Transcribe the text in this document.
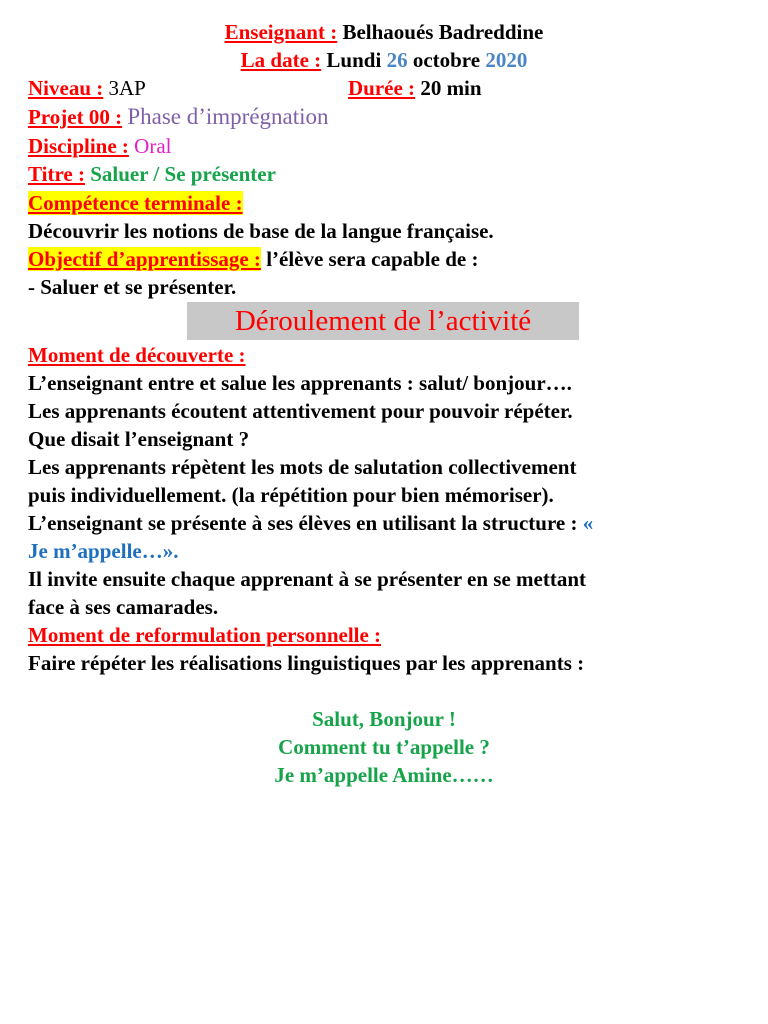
Enseignant : Belhaoués Badreddine
La date : Lundi 26 octobre 2020
Niveau : 3AP	Durée : 20 min
Projet 00 : Phase d’imprégnation
Discipline : Oral
Titre : Saluer / Se présenter
Compétence terminale :
Découvrir les notions de base de la langue française.
Objectif d’apprentissage : l’élève sera capable de :
- Saluer et se présenter.
Déroulement de l’activité
Moment de découverte :
L’enseignant entre et salue les apprenants : salut/ bonjour….
Les apprenants écoutent attentivement pour pouvoir répéter.
Que disait l’enseignant ?
Les apprenants répètent les mots de salutation collectivement
puis individuellement. (la répétition pour bien mémoriser).
L’enseignant se présente à ses élèves en utilisant la structure : «
Je m’appelle…».
Il invite ensuite chaque apprenant à se présenter en se mettant
face à ses camarades.
Moment de reformulation personnelle :
Faire répéter les réalisations linguistiques par les apprenants :
Salut, Bonjour !
Comment tu t’appelle ?
Je m’appelle Amine……
